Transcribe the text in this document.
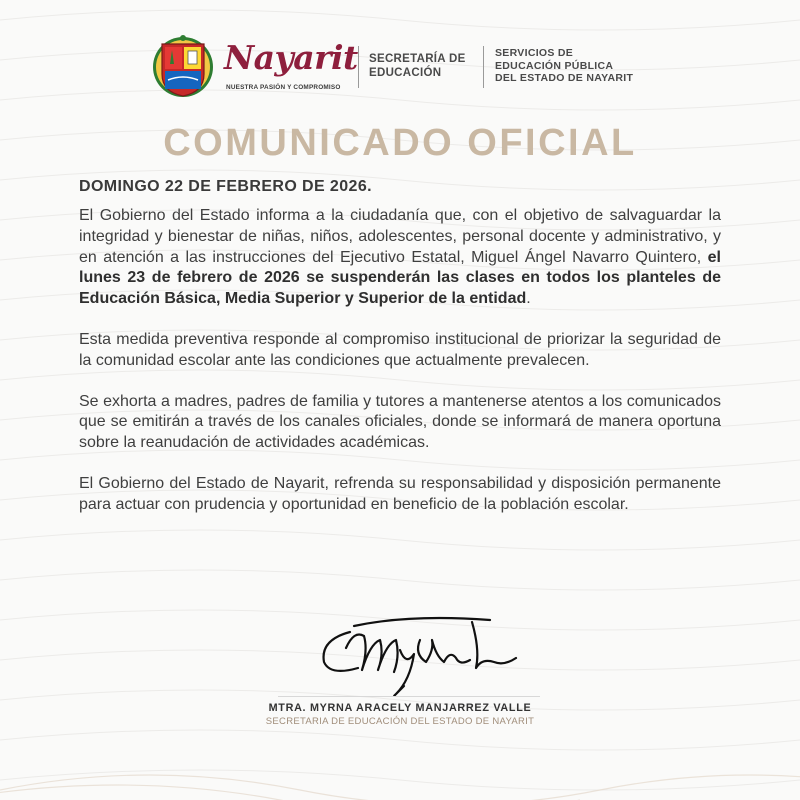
Nayarit
NUESTRA PASIÓN Y COMPROMISO
SECRETARÍA DE
EDUCACIÓN
SERVICIOS DE
EDUCACIÓN PÚBLICA
DEL ESTADO DE NAYARIT
COMUNICADO OFICIAL

DOMINGO 22 DE FEBRERO DE 2026.

El Gobierno del Estado informa a la ciudadanía que, con el objetivo de salvaguardar la integridad y bienestar de niñas, niños, adolescentes, personal docente y administrativo, y en atención a las instrucciones del Ejecutivo Estatal, Miguel Ángel Navarro Quintero, el lunes 23 de febrero de 2026 se suspenderán las clases en todos los planteles de Educación Básica, Media Superior y Superior de la entidad.

Esta medida preventiva responde al compromiso institucional de priorizar la seguridad de la comunidad escolar ante las condiciones que actualmente prevalecen.

Se exhorta a madres, padres de familia y tutores a mantenerse atentos a los comunicados que se emitirán a través de los canales oficiales, donde se informará de manera oportuna sobre la reanudación de actividades académicas.

El Gobierno del Estado de Nayarit, refrenda su responsabilidad y disposición permanente para actuar con prudencia y oportunidad en beneficio de la población escolar.

MTRA. MYRNA ARACELY MANJARREZ VALLE
SECRETARIA DE EDUCACIÓN DEL ESTADO DE NAYARIT
